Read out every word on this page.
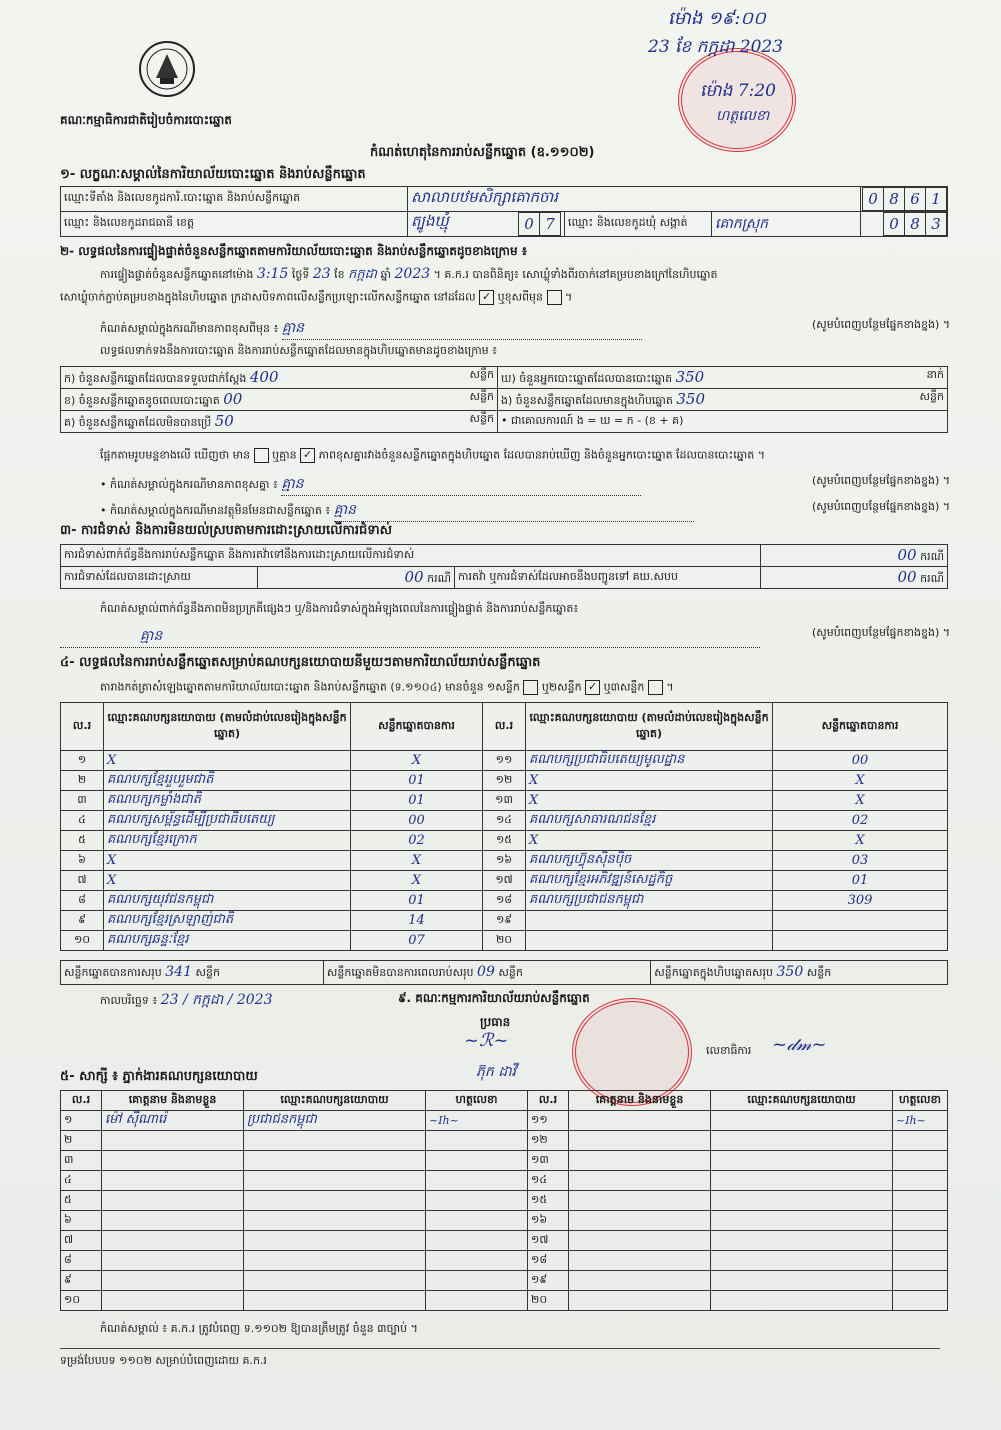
គណៈកម្មាធិការជាតិរៀបចំការបោះឆ្នោត
ម៉ោង ១៩:០០
23 ខែ កក្កដា 2023
ម៉ោង 7:20
ហត្ថលេខា
កំណត់ហេតុនៃការរាប់សន្លឹកឆ្នោត (ឧ.១១០២)
១- លក្ខណៈសម្គាល់នៃការិយាល័យបោះឆ្នោត និងរាប់សន្លឹកឆ្នោត
ឈ្មោះទីតាំង និងលេខកូដការិ.បោះឆ្នោត និងរាប់សន្លឹកឆ្នោត	សាលាបឋមសិក្សាគោកចារ			0 8 6 1
ឈ្មោះ និងលេខកូដរាជធានី ខេត្ត	ត្បូងឃ្មុំ 0 7	ឈ្មោះ និងលេខកូដឃុំ សង្កាត់	គោកស្រុក	0 8 3
២- លទ្ធផលនៃការផ្ទៀងផ្ទាត់ចំនួនសន្លឹកឆ្នោតតាមការិយាល័យបោះឆ្នោត និងរាប់សន្លឹកឆ្នោតដូចខាងក្រោម ៖
ការផ្ទៀងផ្ទាត់ចំនួនសន្លឹកឆ្នោតនៅម៉ោង 3:15 ថ្ងៃទី 23 ខែ កក្កដា ឆ្នាំ 2023 ។ គ.ក.រ បានពិនិត្យ៖ សោឃ្លុំទាំងពីរចាក់នៅគម្របខាងក្រៅនៃហិបឆ្នោត
សោឃ្លុំចាក់ភ្ជាប់គម្របខាងក្នុងនៃហិបឆ្នោត ក្រដាសបិទភាពលើសន្លឹកប្រឡោះលើកសន្លឹកឆ្នោត នៅដដែល ✓ ឬខុសពីមុន  ។
កំណត់សម្គាល់ក្នុងករណីមានភាពខុសពីមុន ៖ គ្មាន	(សូមបំពេញបន្ថែមផ្នែកខាងខ្នង) ។
លទ្ធផលទាក់ទងនឹងការបោះឆ្នោត និងការរាប់សន្លឹកឆ្នោតដែលមានក្នុងហិបឆ្នោតមានដូចខាងក្រោម ៖
ក) ចំនួនសន្លឹកឆ្នោតដែលបានទទួលជាក់ស្តែង 400 សន្លឹក	ឃ) ចំនួនអ្នកបោះឆ្នោតដែលបានបោះឆ្នោត 350 នាក់

ខ) ចំនួនសន្លឹកឆ្នោតខូចពេលបោះឆ្នោត 00 សន្លឹក	ង) ចំនួនសន្លឹកឆ្នោតដែលមានក្នុងហិបឆ្នោត 350 សន្លឹក

គ) ចំនួនសន្លឹកឆ្នោតដែលមិនបានប្រើ 50 សន្លឹក	• ជាគោលការណ៍ ង = ឃ = ក - (ខ + គ)
ផ្អែកតាមរូបមន្តខាងលើ ឃើញថា មាន ឬគ្មាន ✓ ភាពខុសគ្នារវាងចំនួនសន្លឹកឆ្នោតក្នុងហិបឆ្នោត ដែលបានរាប់ឃើញ និងចំនួនអ្នកបោះឆ្នោត ដែលបានបោះឆ្នោត ។
• កំណត់សម្គាល់ក្នុងករណីមានភាពខុសគ្នា ៖ គ្មាន	(សូមបំពេញបន្ថែមផ្នែកខាងខ្នង) ។
• កំណត់សម្គាល់ក្នុងករណីមានវត្ថុមិនមែនជាសន្លឹកឆ្នោត ៖ គ្មាន	(សូមបំពេញបន្ថែមផ្នែកខាងខ្នង) ។
៣- ការជំទាស់ និងការមិនយល់ស្របតាមការដោះស្រាយលើការជំទាស់
ការជំទាស់ពាក់ព័ន្ធនឹងការរាប់សន្លឹកឆ្នោត និងការតវ៉ាទៅនឹងការដោះស្រាយលើការជំទាស់			00 ករណី
ការជំទាស់ដែលបានដោះស្រាយ	00 ករណី	ការតវ៉ា ឬការជំទាស់ដែលអាចនឹងបញ្ជូនទៅ គឃ.សបប	00 ករណី
កំណត់សម្គាល់ពាក់ព័ន្ធនឹងភាពមិនប្រក្រតីផ្សេងៗ ឬ/និងការជំទាស់ក្នុងអំឡុងពេលនៃការផ្ទៀងផ្ទាត់ និងការរាប់សន្លឹកឆ្នោត៖
គ្មាន	(សូមបំពេញបន្ថែមផ្នែកខាងខ្នង) ។
៤- លទ្ធផលនៃការរាប់សន្លឹកឆ្នោតសម្រាប់គណបក្សនយោបាយនីមួយៗតាមការិយាល័យរាប់សន្លឹកឆ្នោត
តារាងកត់ត្រាសំឡេងឆ្នោតតាមការិយាល័យបោះឆ្នោត និងរាប់សន្លឹកឆ្នោត (ទ.១១០៤) មានចំនួន ១សន្លឹក ឬ២សន្លឹក ✓ ឬ៣សន្លឹក  ។
ល.រ	ឈ្មោះគណបក្សនយោបាយ (តាមលំដាប់លេខរៀងក្នុងសន្លឹកឆ្នោត)	សន្លឹកឆ្នោតបានការ	ល.រ	ឈ្មោះគណបក្សនយោបាយ (តាមលំដាប់លេខរៀងក្នុងសន្លឹកឆ្នោត)	សន្លឹកឆ្នោតបានការ
១	X	X	១១	គណបក្សប្រជាធិបតេយ្យមូលដ្ឋាន	00
២	គណបក្សខ្មែររួបរួមជាតិ	01	១២	X	X
៣	គណបក្សកម្លាំងជាតិ	01	១៣	X	X
៤	គណបក្សសម្ព័ន្ធដើម្បីប្រជាធិបតេយ្យ	00	១៤	គណបក្សសាធារណជនខ្មែរ	02
៥	គណបក្សខ្មែរក្រោក	02	១៥	X	X
៦	X	X	១៦	គណបក្សហ៊្វុនស៊ិនប៉ិច	03
៧	X	X	១៧	គណបក្សខ្មែរអភិវឌ្ឍន៍សេដ្ឋកិច្ច	01
៨	គណបក្សយុវជនកម្ពុជា	01	១៨	គណបក្សប្រជាជនកម្ពុជា	309
៩	គណបក្សខ្មែរស្រឡាញ់ជាតិ	14	១៩		
១០	គណបក្សឆន្ទៈខ្មែរ	07	២០		
សន្លឹកឆ្នោតបានការសរុប 341 សន្លឹក	សន្លឹកឆ្នោតមិនបានការពេលរាប់សរុប 09 សន្លឹក	សន្លឹកឆ្នោតក្នុងហិបឆ្នោតសរុប 350 សន្លឹក
កាលបរិច្ឆេទ ៖ 23 / កក្កដា / 2023	៩. គណៈកម្មការការិយាល័យរាប់សន្លឹកឆ្នោត
ប្រធាន
~ℛ~
ភ៊ុក ដាវី
លេខាធិការ ~𝒹𝓂~
៥- សាក្សី ៖ ភ្នាក់ងារគណបក្សនយោបាយ
ល.រ	គោត្តនាម និងនាមខ្លួន	ឈ្មោះគណបក្សនយោបាយ	ហត្ថលេខា	ល.រ	គោត្តនាម និងនាមខ្លួន	ឈ្មោះគណបក្សនយោបាយ	ហត្ថលេខា
១	ម៉ៅ ស៊ីណារ៉េ	ប្រជាជនកម្ពុជា	~Ih~	១១			~Ih~
២				១២			
៣				១៣			
៤				១៤			
៥				១៥			
៦				១៦			
៧				១៧			
៨				១៨			
៩				១៩			
១០				២០			
កំណត់សម្គាល់ ៖ គ.ក.រ ត្រូវបំពេញ ទ.១១០២ ឱ្យបានត្រឹមត្រូវ ចំនួន ៣ច្បាប់ ។
ទម្រង់បែបបទ ១១០២ សម្រាប់បំពេញដោយ គ.ក.រ
